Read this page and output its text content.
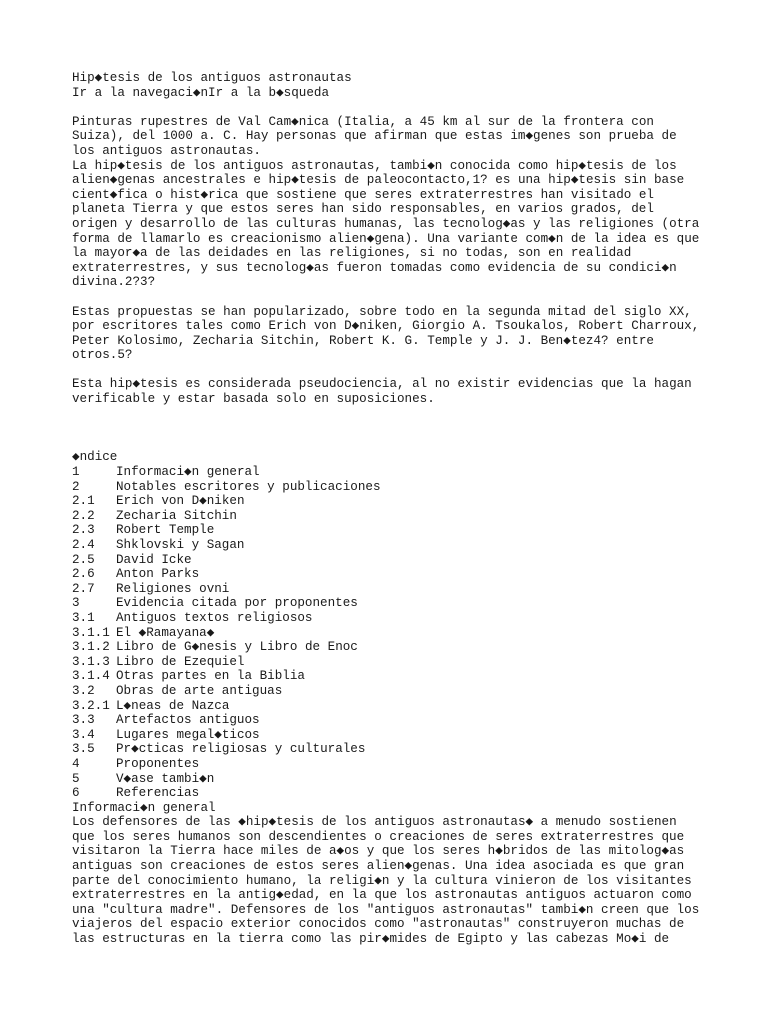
Hip◆tesis de los antiguos astronautas
Ir a la navegaci◆nIr a la b◆squeda
Pinturas rupestres de Val Cam◆nica (Italia, a 45 km al sur de la frontera con
Suiza), del 1000 a. C. Hay personas que afirman que estas im◆genes son prueba de
los antiguos astronautas.
La hip◆tesis de los antiguos astronautas, tambi◆n conocida como hip◆tesis de los
alien◆genas ancestrales e hip◆tesis de paleocontacto,1? es una hip◆tesis sin base
cient◆fica o hist◆rica que sostiene que seres extraterrestres han visitado el
planeta Tierra y que estos seres han sido responsables, en varios grados, del
origen y desarrollo de las culturas humanas, las tecnolog◆as y las religiones (otra
forma de llamarlo es creacionismo alien◆gena). Una variante com◆n de la idea es que
la mayor◆a de las deidades en las religiones, si no todas, son en realidad
extraterrestres, y sus tecnolog◆as fueron tomadas como evidencia de su condici◆n
divina.2?3?
Estas propuestas se han popularizado, sobre todo en la segunda mitad del siglo XX,
por escritores tales como Erich von D◆niken, Giorgio A. Tsoukalos, Robert Charroux,
Peter Kolosimo, Zecharia Sitchin, Robert K. G. Temple y J. J. Ben◆tez4? entre
otros.5?
Esta hip◆tesis es considerada pseudociencia, al no existir evidencias que la hagan
verificable y estar basada solo en suposiciones.
◆ndice
1	Informaci◆n general
2	Notables escritores y publicaciones
2.1	Erich von D◆niken
2.2	Zecharia Sitchin
2.3	Robert Temple
2.4	Shklovski y Sagan
2.5	David Icke
2.6	Anton Parks
2.7	Religiones ovni
3	Evidencia citada por proponentes
3.1	Antiguos textos religiosos
3.1.1 El ◆Ramayana◆
3.1.2 Libro de G◆nesis y Libro de Enoc
3.1.3 Libro de Ezequiel
3.1.4 Otras partes en la Biblia
3.2	Obras de arte antiguas
3.2.1 L◆neas de Nazca
3.3	Artefactos antiguos
3.4	Lugares megal◆ticos
3.5	Pr◆cticas religiosas y culturales
4	Proponentes
5	V◆ase tambi◆n
6	Referencias
Informaci◆n general
Los defensores de las ◆hip◆tesis de los antiguos astronautas◆ a menudo sostienen
que los seres humanos son descendientes o creaciones de seres extraterrestres que
visitaron la Tierra hace miles de a◆os y que los seres h◆bridos de las mitolog◆as
antiguas son creaciones de estos seres alien◆genas. Una idea asociada es que gran
parte del conocimiento humano, la religi◆n y la cultura vinieron de los visitantes
extraterrestres en la antig◆edad, en la que los astronautas antiguos actuaron como
una "cultura madre". Defensores de los "antiguos astronautas" tambi◆n creen que los
viajeros del espacio exterior conocidos como "astronautas" construyeron muchas de
las estructuras en la tierra como las pir◆mides de Egipto y las cabezas Mo◆i de
